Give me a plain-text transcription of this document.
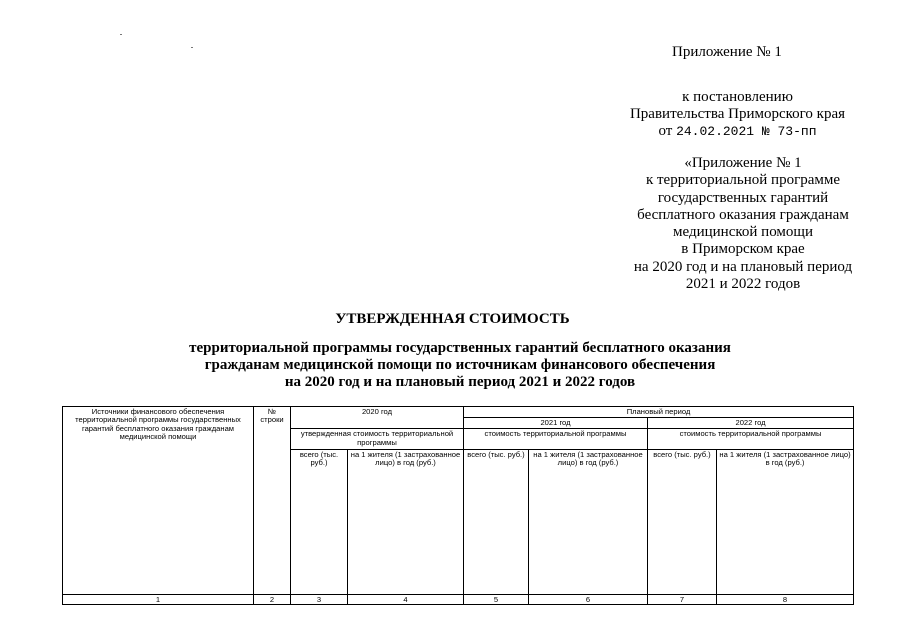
Приложение № 1
к постановлению
Правительства Приморского края
от 24.02.2021 № 73-пп
«Приложение № 1
к территориальной программе
государственных гарантий
бесплатного оказания гражданам
медицинской помощи
в Приморском крае
на 2020 год и на плановый период
2021 и 2022 годов
УТВЕРЖДЕННАЯ СТОИМОСТЬ
территориальной программы государственных гарантий бесплатного оказания
гражданам медицинской помощи по источникам финансового обеспечения
на 2020 год и на плановый период 2021 и 2022 годов
Источники финансового обеспечения территориальной программы государственных гарантий бесплатного оказания гражданам медицинской помощи	№ строки	2020 год		Плановый период			
				2021 год		2022 год	
		утвержденная стоимость территориальной программы		стоимость территориальной программы		стоимость территориальной программы	
		всего (тыс. руб.)	на 1 жителя (1 застрахованное лицо) в год (руб.)	всего (тыс. руб.)	на 1 жителя (1 застрахованное лицо) в год (руб.)	всего (тыс. руб.)	на 1 жителя (1 застрахованное лицо) в год (руб.)
1	2	3	4	5	6	7	8
